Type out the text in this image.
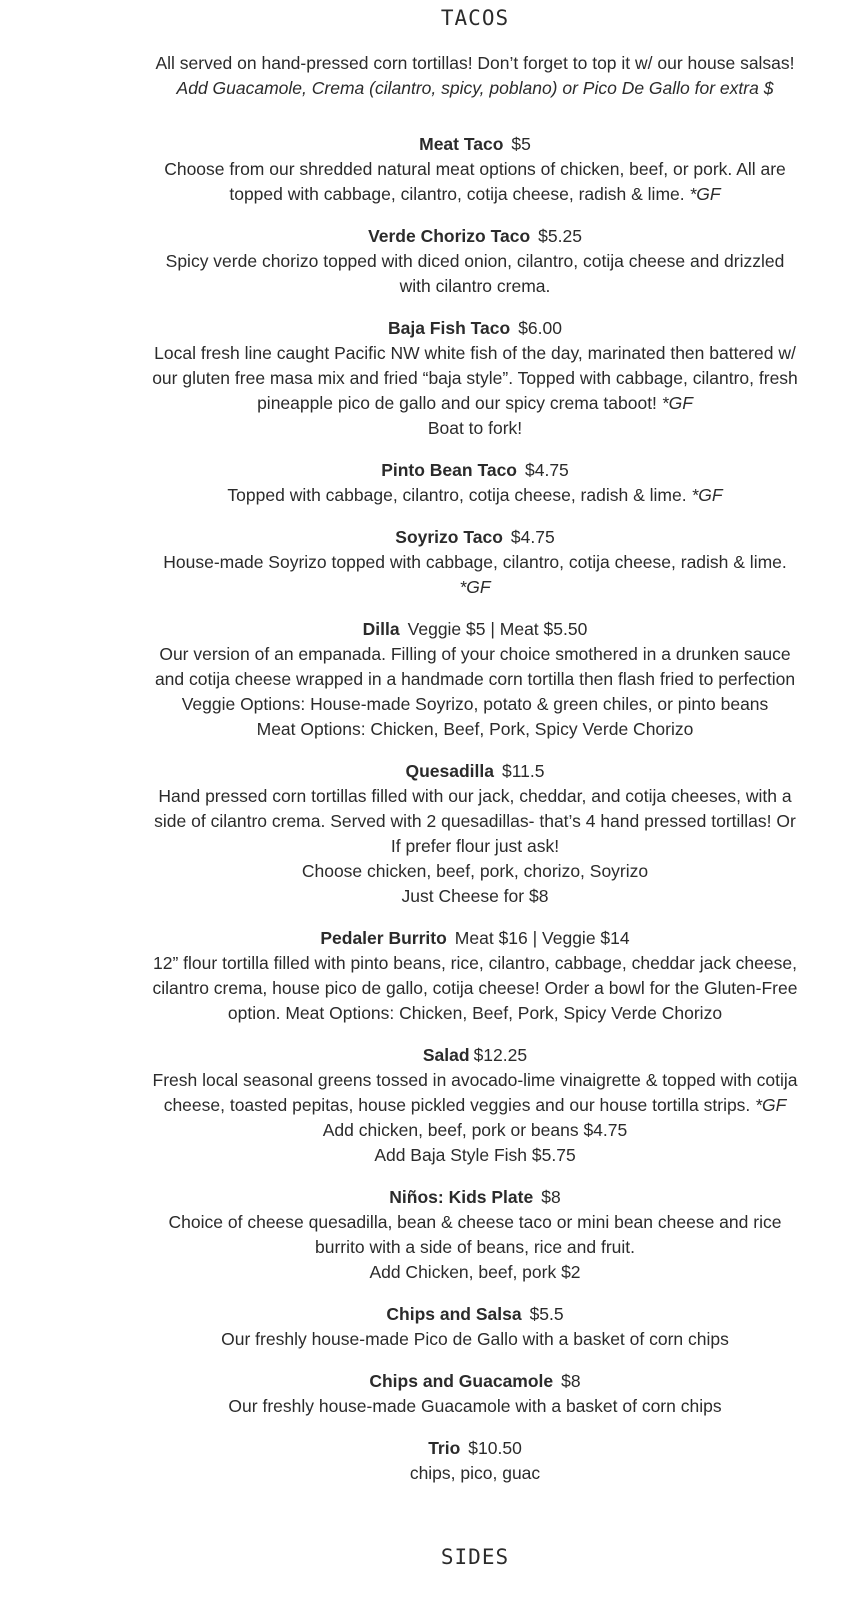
TACOS
All served on hand-pressed corn tortillas! Don’t forget to top it w/ our house salsas!
Add Guacamole, Crema (cilantro, spicy, poblano) or Pico De Gallo for extra $
Meat Taco $5
Choose from our shredded natural meat options of chicken, beef, or pork. All are topped with cabbage, cilantro, cotija cheese, radish & lime. *GF
Verde Chorizo Taco $5.25
Spicy verde chorizo topped with diced onion, cilantro, cotija cheese and drizzled with cilantro crema.
Baja Fish Taco $6.00
Local fresh line caught Pacific NW white fish of the day, marinated then battered w/ our gluten free masa mix and fried “baja style”. Topped with cabbage, cilantro, fresh pineapple pico de gallo and our spicy crema taboot! *GF
Boat to fork!
Pinto Bean Taco $4.75
Topped with cabbage, cilantro, cotija cheese, radish & lime. *GF
Soyrizo Taco $4.75
House-made Soyrizo topped with cabbage, cilantro, cotija cheese, radish & lime. *GF
Dilla Veggie $5 | Meat $5.50
Our version of an empanada. Filling of your choice smothered in a drunken sauce and cotija cheese wrapped in a handmade corn tortilla then flash fried to perfection
Veggie Options: House-made Soyrizo, potato & green chiles, or pinto beans
Meat Options: Chicken, Beef, Pork, Spicy Verde Chorizo
Quesadilla $11.5
Hand pressed corn tortillas filled with our jack, cheddar, and cotija cheeses, with a side of cilantro crema. Served with 2 quesadillas- that’s 4 hand pressed tortillas! Or If prefer flour just ask!
Choose chicken, beef, pork, chorizo, Soyrizo
Just Cheese for $8
Pedaler Burrito Meat $16 | Veggie $14
12” flour tortilla filled with pinto beans, rice, cilantro, cabbage, cheddar jack cheese, cilantro crema, house pico de gallo, cotija cheese! Order a bowl for the Gluten-Free option. Meat Options: Chicken, Beef, Pork, Spicy Verde Chorizo
Salad $12.25
Fresh local seasonal greens tossed in avocado-lime vinaigrette & topped with cotija cheese, toasted pepitas, house pickled veggies and our house tortilla strips. *GF
Add chicken, beef, pork or beans $4.75
Add Baja Style Fish $5.75
Niños: Kids Plate $8
Choice of cheese quesadilla, bean & cheese taco or mini bean cheese and rice burrito with a side of beans, rice and fruit.
Add Chicken, beef, pork $2
Chips and Salsa $5.5
Our freshly house-made Pico de Gallo with a basket of corn chips
Chips and Guacamole $8
Our freshly house-made Guacamole with a basket of corn chips
Trio $10.50
chips, pico, guac
SIDES
